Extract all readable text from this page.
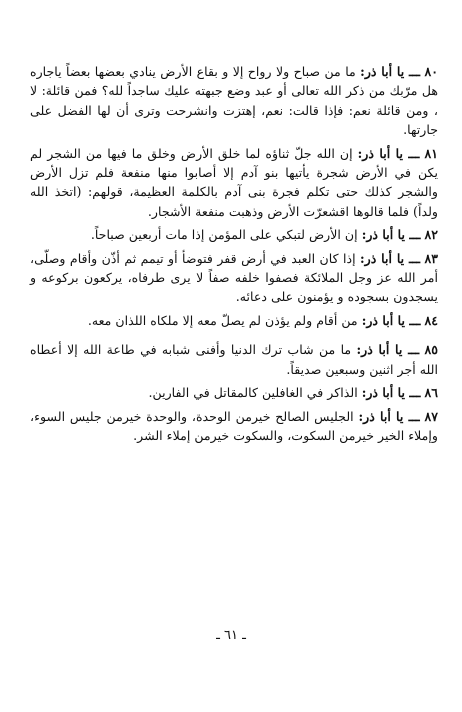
٨٠ ـــ يا أبا ذر: ما من صباح ولا رواح إلا و بقاع الأرض ينادي بعضها بعضاً ياجاره هل مرّبك من ذكر الله تعالى أو عبد وضع جبهته عليك ساجداً لله؟ فمن قائلة: لا ، ومن قائلة نعم: فإذا قالت: نعم، إهتزت وانشرحت وترى أن لها الفضل على جارتها.

٨١ ـــ يا أبا ذر: إن الله جلّ ثناؤه لما خلق الأرض وخلق ما فيها من الشجر لم يكن في الأرض شجرة يأتيها بنو آدم إلا أصابوا منها منفعة فلم تزل الأرض والشجر كذلك حتى تكلم فجرة بنى آدم بالكلمة العظيمة، قولهم: (اتخذ الله ولداً) فلما قالوها اقشعرّت الأرض وذهبت منفعة الأشجار.

٨٢ ـــ يا أبا ذر: إن الأرض لتبكي على المؤمن إذا مات أربعين صباحاً.

٨٣ ـــ يا أبا ذر: إذا كان العبد في أرض قفر فتوضأ أو تيمم ثم أذّن وأقام وصلّى، أمر الله عز وجل الملائكة فصفوا خلفه صفاً لا يرى طرفاه، يركعون بركوعه و يسجدون بسجوده و يؤمنون على دعائه.

٨٤ ـــ يا أبا ذر: من أقام ولم يؤذن لم يصلّ معه إلا ملكاه اللذان معه.

٨٥ ـــ يا أبا ذر: ما من شاب ترك الدنيا وأفنى شبابه في طاعة الله إلا أعطاه الله أجر اثنين وسبعين صديقاً.

٨٦ ـــ يا أبا ذر: الذاكر في الغافلين كالمقاتل في الفارين.

٨٧ ـــ يا أبا ذر: الجليس الصالح خيرمن الوحدة، والوحدة خيرمن جليس السوء، وإملاء الخير خيرمن السكوت، والسكوت خيرمن إملاء الشر.

ـ ٦١ ـ
